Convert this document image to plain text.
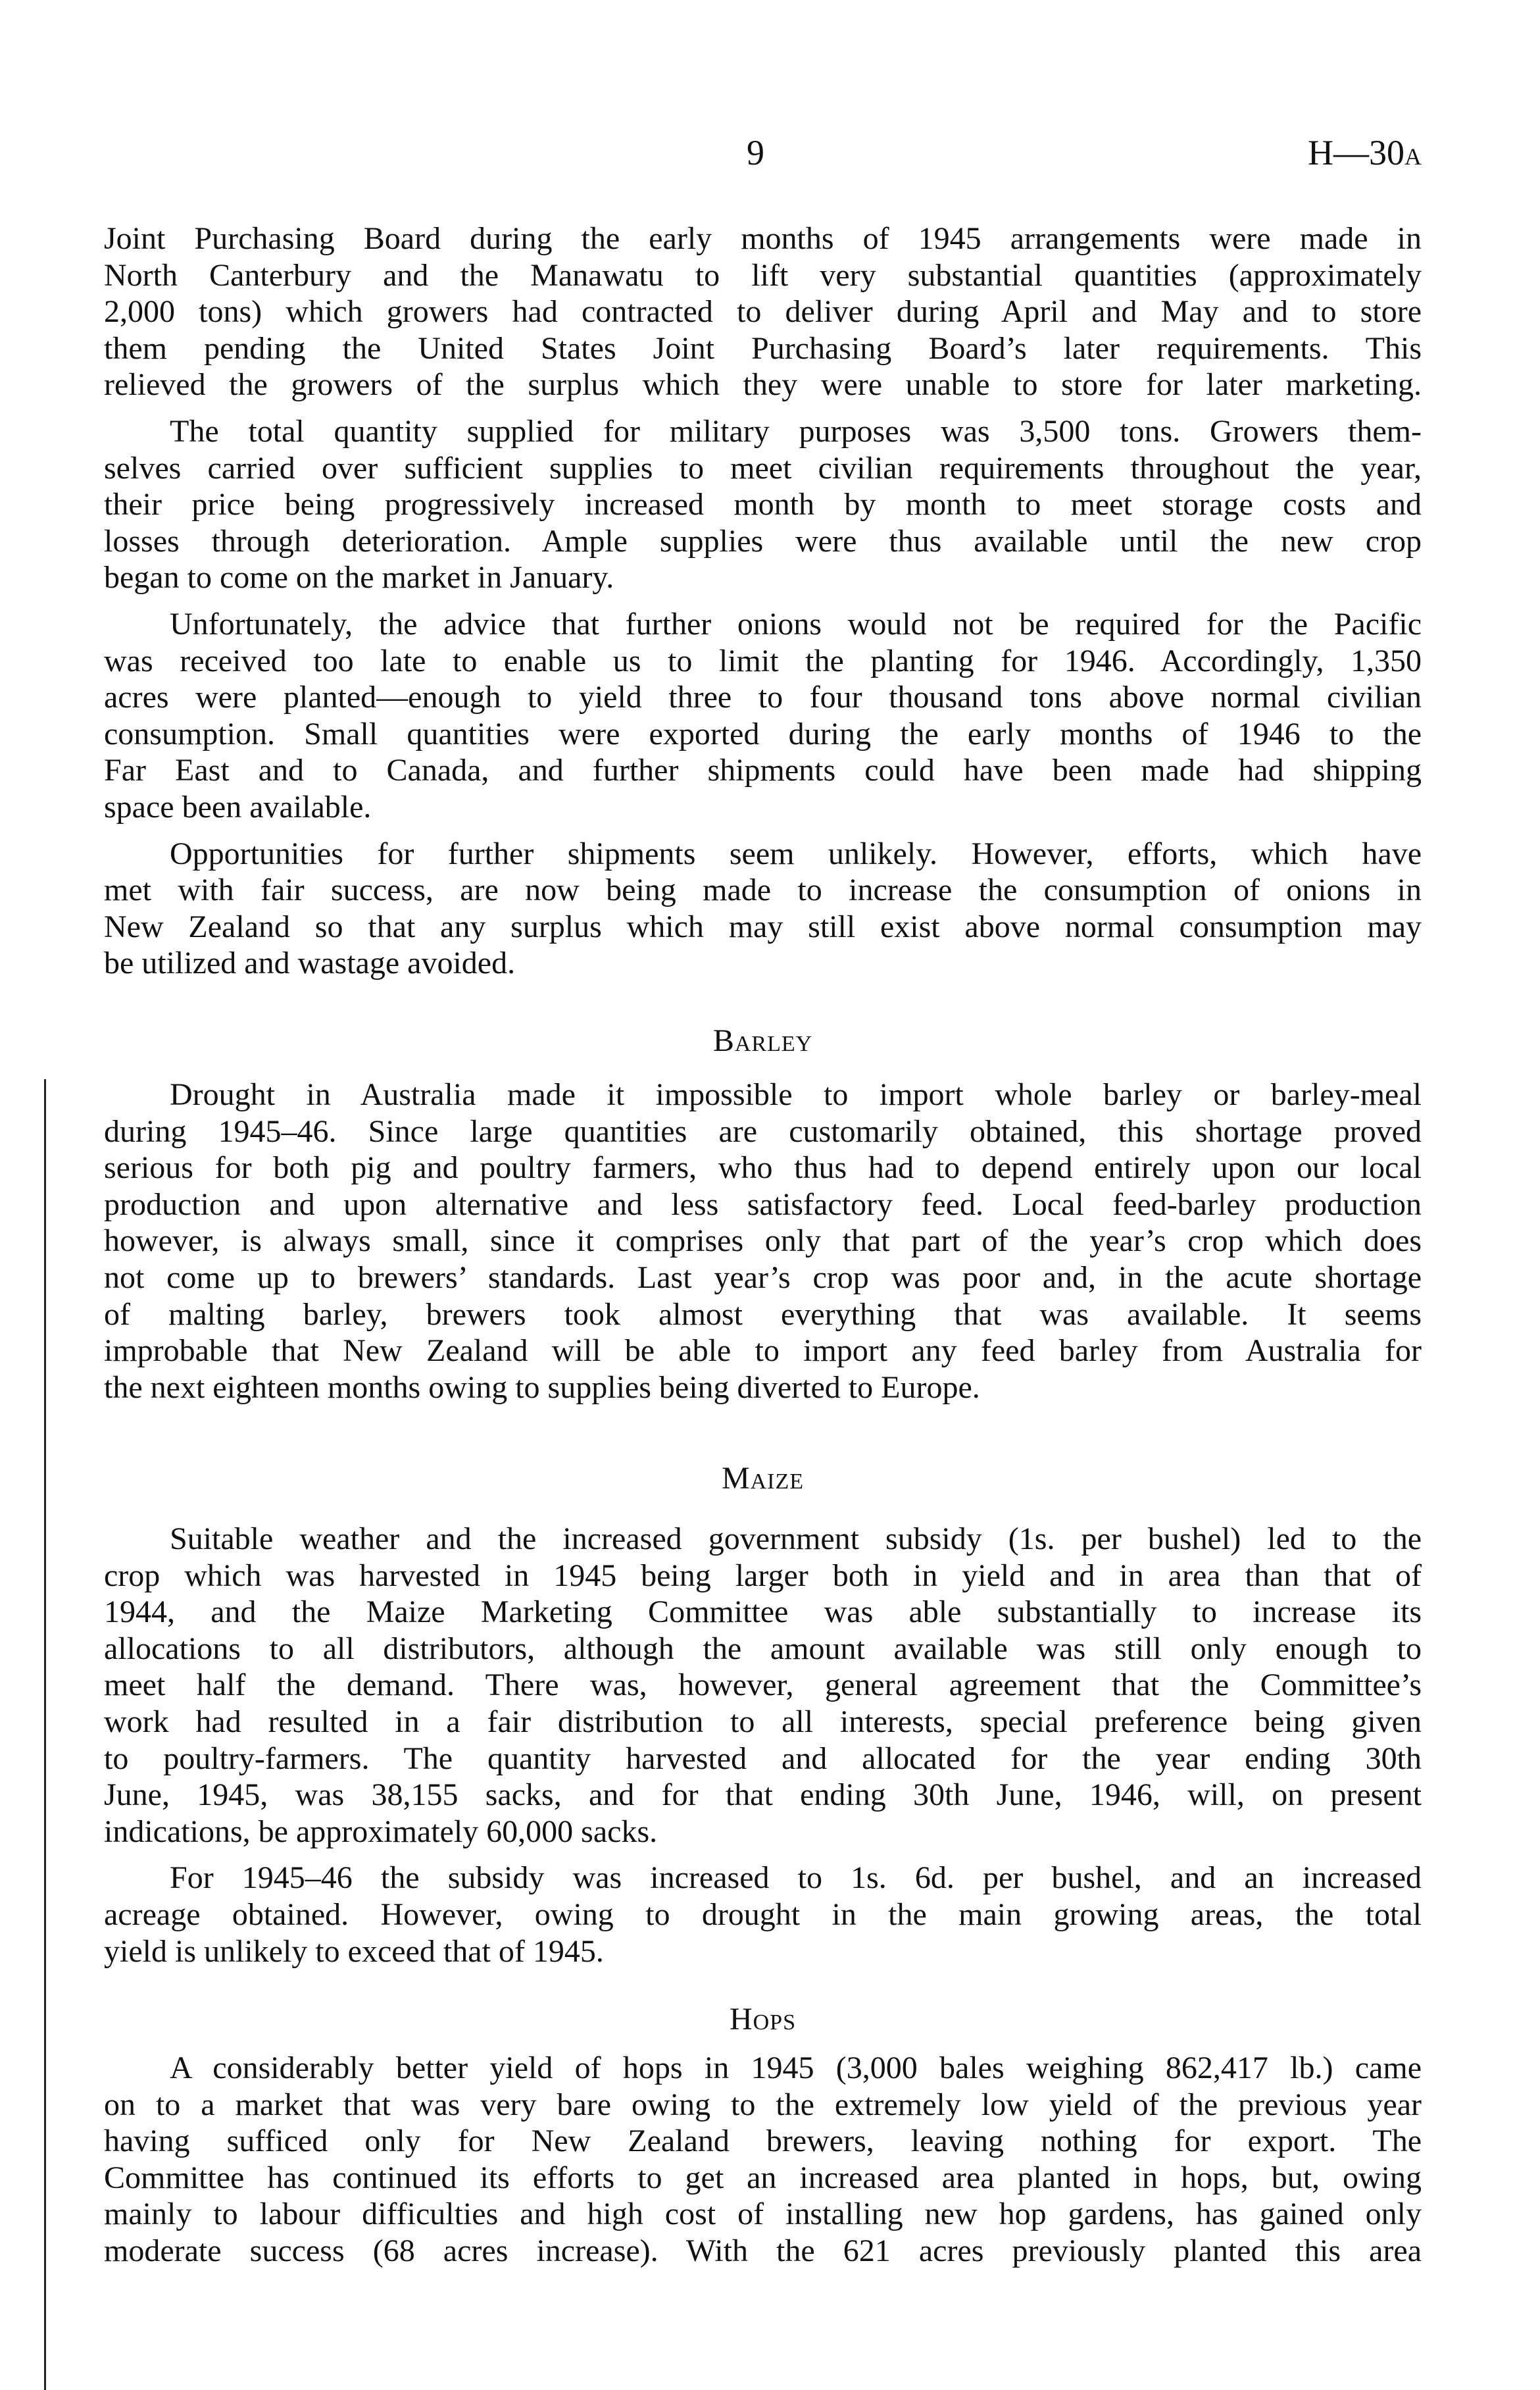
9	H—30A
Joint Purchasing Board during the early months of 1945 arrangements were made in
North Canterbury and the Manawatu to lift very substantial quantities (approximately
2,000 tons) which growers had contracted to deliver during April and May and to store
them pending the United States Joint Purchasing Board’s later requirements. This
relieved the growers of the surplus which they were unable to store for later marketing.
The total quantity supplied for military purposes was 3,500 tons. Growers them-
selves carried over sufficient supplies to meet civilian requirements throughout the year,
their price being progressively increased month by month to meet storage costs and
losses through deterioration. Ample supplies were thus available until the new crop
began to come on the market in January.
Unfortunately, the advice that further onions would not be required for the Pacific
was received too late to enable us to limit the planting for 1946. Accordingly, 1,350
acres were planted—enough to yield three to four thousand tons above normal civilian
consumption. Small quantities were exported during the early months of 1946 to the
Far East and to Canada, and further shipments could have been made had shipping
space been available.
Opportunities for further shipments seem unlikely. However, efforts, which have
met with fair success, are now being made to increase the consumption of onions in
New Zealand so that any surplus which may still exist above normal consumption may
be utilized and wastage avoided.
Barley
Drought in Australia made it impossible to import whole barley or barley-meal
during 1945–46. Since large quantities are customarily obtained, this shortage proved
serious for both pig and poultry farmers, who thus had to depend entirely upon our local
production and upon alternative and less satisfactory feed. Local feed-barley production
however, is always small, since it comprises only that part of the year’s crop which does
not come up to brewers’ standards. Last year’s crop was poor and, in the acute shortage
of malting barley, brewers took almost everything that was available. It seems
improbable that New Zealand will be able to import any feed barley from Australia for
the next eighteen months owing to supplies being diverted to Europe.
Maize
Suitable weather and the increased government subsidy (1s. per bushel) led to the
crop which was harvested in 1945 being larger both in yield and in area than that of
1944, and the Maize Marketing Committee was able substantially to increase its
allocations to all distributors, although the amount available was still only enough to
meet half the demand. There was, however, general agreement that the Committee’s
work had resulted in a fair distribution to all interests, special preference being given
to poultry-farmers. The quantity harvested and allocated for the year ending 30th
June, 1945, was 38,155 sacks, and for that ending 30th June, 1946, will, on present
indications, be approximately 60,000 sacks.
For 1945–46 the subsidy was increased to 1s. 6d. per bushel, and an increased
acreage obtained. However, owing to drought in the main growing areas, the total
yield is unlikely to exceed that of 1945.
Hops
A considerably better yield of hops in 1945 (3,000 bales weighing 862,417 lb.) came
on to a market that was very bare owing to the extremely low yield of the previous year
having sufficed only for New Zealand brewers, leaving nothing for export. The
Committee has continued its efforts to get an increased area planted in hops, but, owing
mainly to labour difficulties and high cost of installing new hop gardens, has gained only
moderate success (68 acres increase). With the 621 acres previously planted this area
